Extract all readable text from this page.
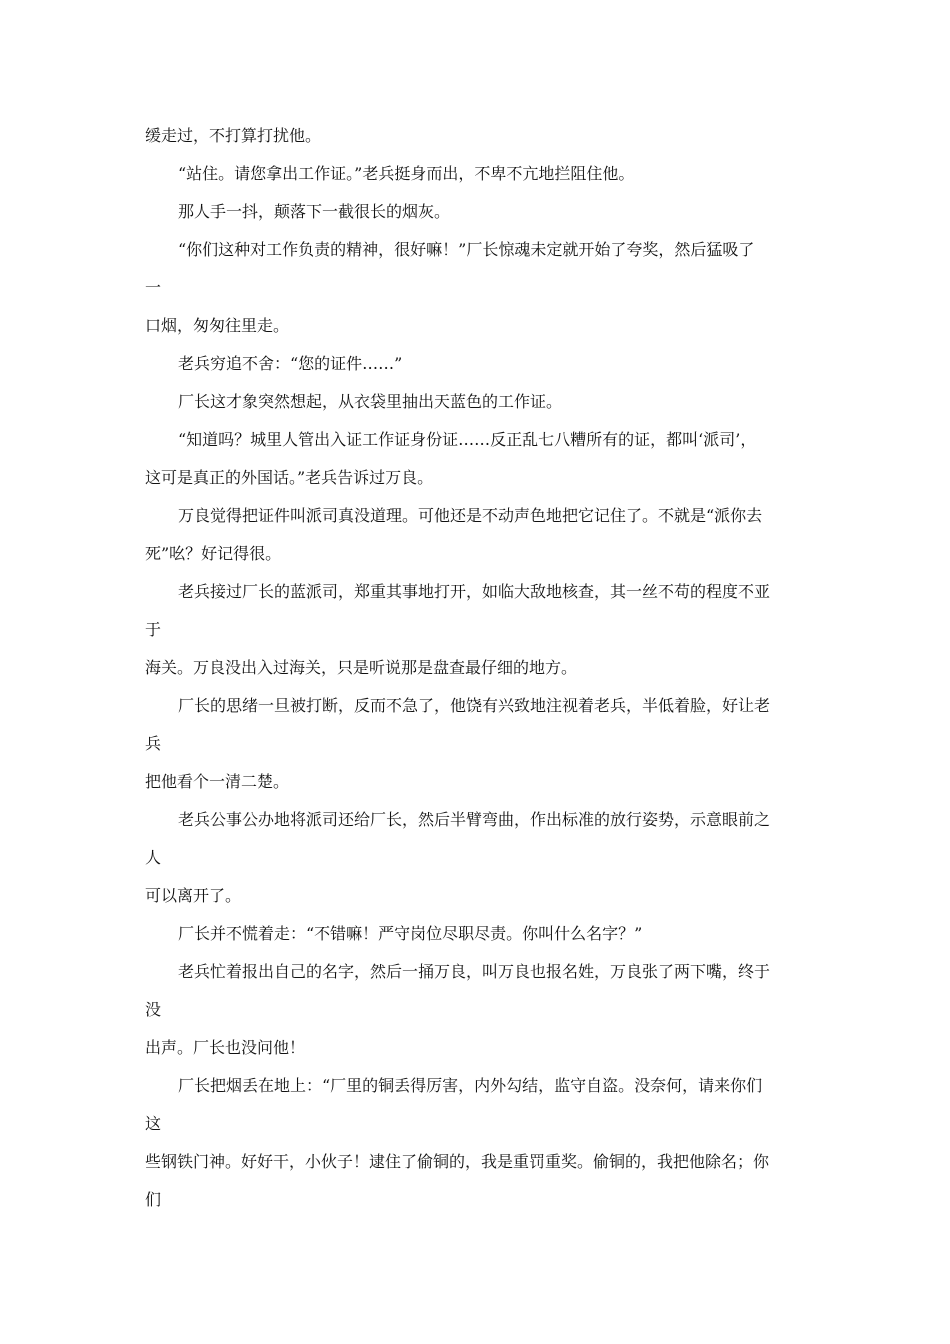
缓走过，不打算打扰他。
“站住。请您拿出工作证。”老兵挺身而出，不卑不亢地拦阻住他。
那人手一抖，颠落下一截很长的烟灰。
“你们这种对工作负责的精神，很好嘛！”厂长惊魂未定就开始了夸奖，然后猛吸了
一
口烟，匆匆往里走。
老兵穷追不舍：“您的证件……”
厂长这才象突然想起，从衣袋里抽出天蓝色的工作证。
“知道吗？城里人管出入证工作证身份证……反正乱七八糟所有的证，都叫‘派司’，
这可是真正的外国话。”老兵告诉过万良。
万良觉得把证件叫派司真没道理。可他还是不动声色地把它记住了。不就是“派你去
死”吆？好记得很。
老兵接过厂长的蓝派司，郑重其事地打开，如临大敌地核查，其一丝不苟的程度不亚
于
海关。万良没出入过海关，只是听说那是盘查最仔细的地方。
厂长的思绪一旦被打断，反而不急了，他饶有兴致地注视着老兵，半低着脸，好让老
兵
把他看个一清二楚。
老兵公事公办地将派司还给厂长，然后半臂弯曲，作出标准的放行姿势，示意眼前之
人
可以离开了。
厂长并不慌着走：“不错嘛！严守岗位尽职尽责。你叫什么名字？”
老兵忙着报出自己的名字，然后一捅万良，叫万良也报名姓，万良张了两下嘴，终于
没
出声。厂长也没问他！
厂长把烟丢在地上：“厂里的铜丢得厉害，内外勾结，监守自盗。没奈何，请来你们
这
些钢铁门神。好好干，小伙子！逮住了偷铜的，我是重罚重奖。偷铜的，我把他除名；你
们
